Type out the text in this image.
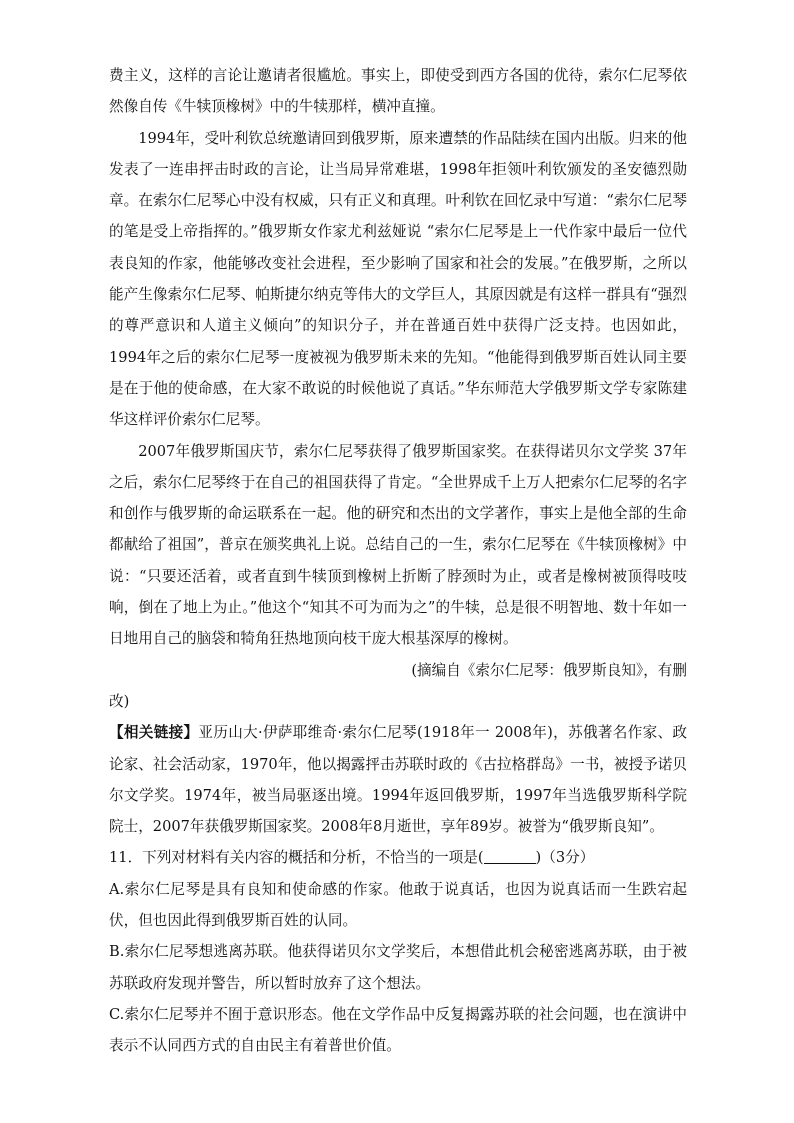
费主义，这样的言论让邀请者很尴尬。事实上，即使受到西方各国的优待，索尔仁尼琴依然像自传《牛犊顶橡树》中的牛犊那样，横冲直撞。

1994年，受叶利钦总统邀请回到俄罗斯，原来遭禁的作品陆续在国内出版。归来的他发表了一连串抨击时政的言论，让当局异常难堪，1998年拒领叶利钦颁发的圣安德烈勋章。在索尔仁尼琴心中没有权威，只有正义和真理。叶利钦在回忆录中写道：“索尔仁尼琴的笔是受上帝指挥的。”俄罗斯女作家尤利兹娅说 “索尔仁尼琴是上一代作家中最后一位代表良知的作家，他能够改变社会进程，至少影响了国家和社会的发展。”在俄罗斯，之所以能产生像索尔仁尼琴、帕斯捷尔纳克等伟大的文学巨人，其原因就是有这样一群具有“强烈的尊严意识和人道主义倾向”的知识分子，并在普通百姓中获得广泛支持。也因如此，1994年之后的索尔仁尼琴一度被视为俄罗斯未来的先知。“他能得到俄罗斯百姓认同主要是在于他的使命感，在大家不敢说的时候他说了真话。”华东师范大学俄罗斯文学专家陈建华这样评价索尔仁尼琴。

2007年俄罗斯国庆节，索尔仁尼琴获得了俄罗斯国家奖。在获得诺贝尔文学奖 37年之后，索尔仁尼琴终于在自己的祖国获得了肯定。“全世界成千上万人把索尔仁尼琴的名字和创作与俄罗斯的命运联系在一起。他的研究和杰出的文学著作，事实上是他全部的生命都献给了祖国”，普京在颁奖典礼上说。总结自己的一生，索尔仁尼琴在《牛犊顶橡树》中说：“只要还活着，或者直到牛犊顶到橡树上折断了脖颈时为止，或者是橡树被顶得吱吱响，倒在了地上为止。”他这个“知其不可为而为之”的牛犊，总是很不明智地、数十年如一日地用自己的脑袋和犄角狂热地顶向枝干庞大根基深厚的橡树。

(摘编自《索尔仁尼琴：俄罗斯良知》，有删

改)

【相关链接】亚历山大·伊萨耶维奇·索尔仁尼琴(1918年一 2008年)，苏俄著名作家、政论家、社会活动家，1970年，他以揭露抨击苏联时政的《古拉格群岛》一书，被授予诺贝尔文学奖。1974年，被当局驱逐出境。1994年返回俄罗斯，1997年当选俄罗斯科学院院士，2007年获俄罗斯国家奖。2008年8月逝世，享年89岁。被誉为“俄罗斯良知”。

11．下列对材料有关内容的概括和分析，不恰当的一项是(	)（3分）

A.索尔仁尼琴是具有良知和使命感的作家。他敢于说真话，也因为说真话而一生跌宕起伏，但也因此得到俄罗斯百姓的认同。

B.索尔仁尼琴想逃离苏联。他获得诺贝尔文学奖后，本想借此机会秘密逃离苏联，由于被苏联政府发现并警告，所以暂时放弃了这个想法。

C.索尔仁尼琴并不囿于意识形态。他在文学作品中反复揭露苏联的社会问题，也在演讲中表示不认同西方式的自由民主有着普世价值。
